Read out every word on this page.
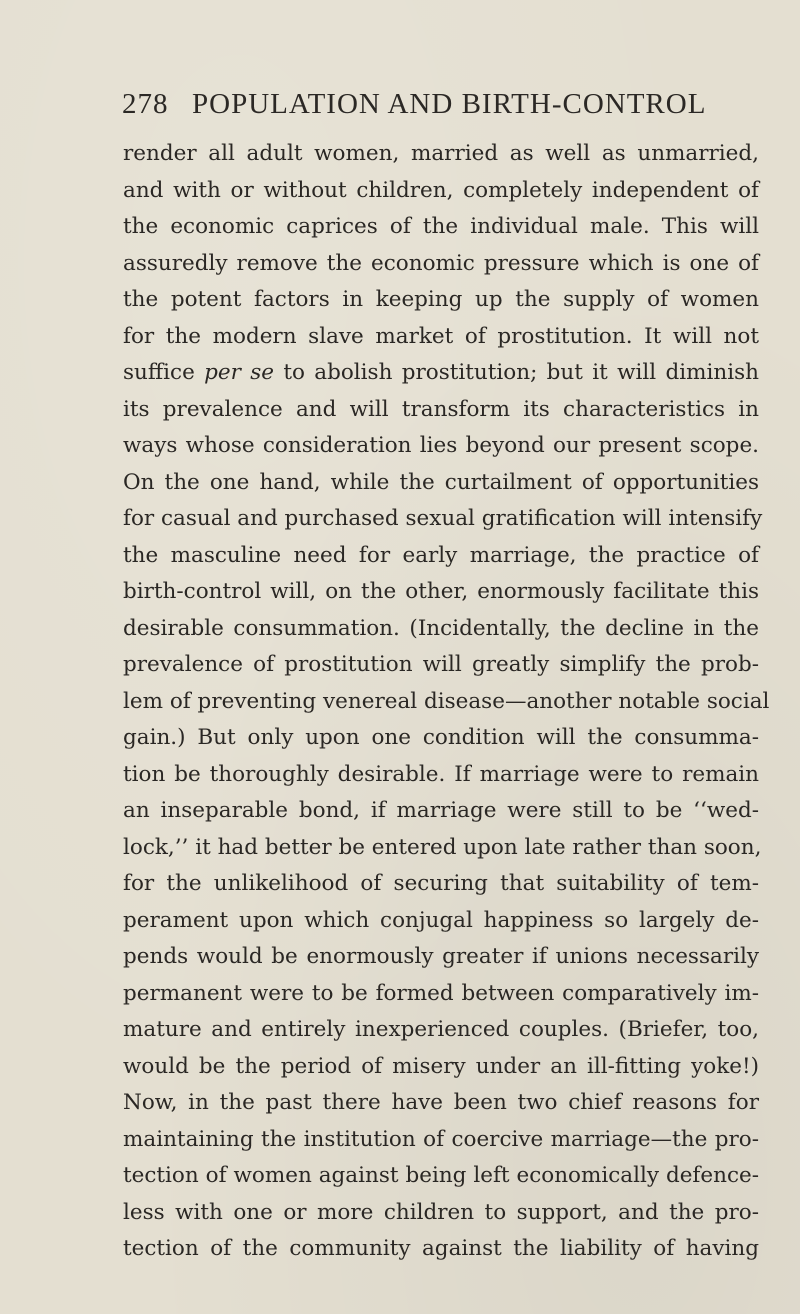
278 POPULATION AND BIRTH-CONTROL
render all adult women, married as well as unmarried,
and with or without children, completely independent of
the economic caprices of the individual male. This will
assuredly remove the economic pressure which is one of
the potent factors in keeping up the supply of women
for the modern slave market of prostitution. It will not
suffice per se to abolish prostitution; but it will diminish
its prevalence and will transform its characteristics in
ways whose consideration lies beyond our present scope.
On the one hand, while the curtailment of opportunities
for casual and purchased sexual gratification will intensify
the masculine need for early marriage, the practice of
birth-control will, on the other, enormously facilitate this
desirable consummation. (Incidentally, the decline in the
prevalence of prostitution will greatly simplify the prob-
lem of preventing venereal disease—another notable social
gain.) But only upon one condition will the consumma-
tion be thoroughly desirable. If marriage were to remain
an inseparable bond, if marriage were still to be ‘‘wed-
lock,’’ it had better be entered upon late rather than soon,
for the unlikelihood of securing that suitability of tem-
perament upon which conjugal happiness so largely de-
pends would be enormously greater if unions necessarily
permanent were to be formed between comparatively im-
mature and entirely inexperienced couples. (Briefer, too,
would be the period of misery under an ill-fitting yoke!)
Now, in the past there have been two chief reasons for
maintaining the institution of coercive marriage—the pro-
tection of women against being left economically defence-
less with one or more children to support, and the pro-
tection of the community against the liability of having
